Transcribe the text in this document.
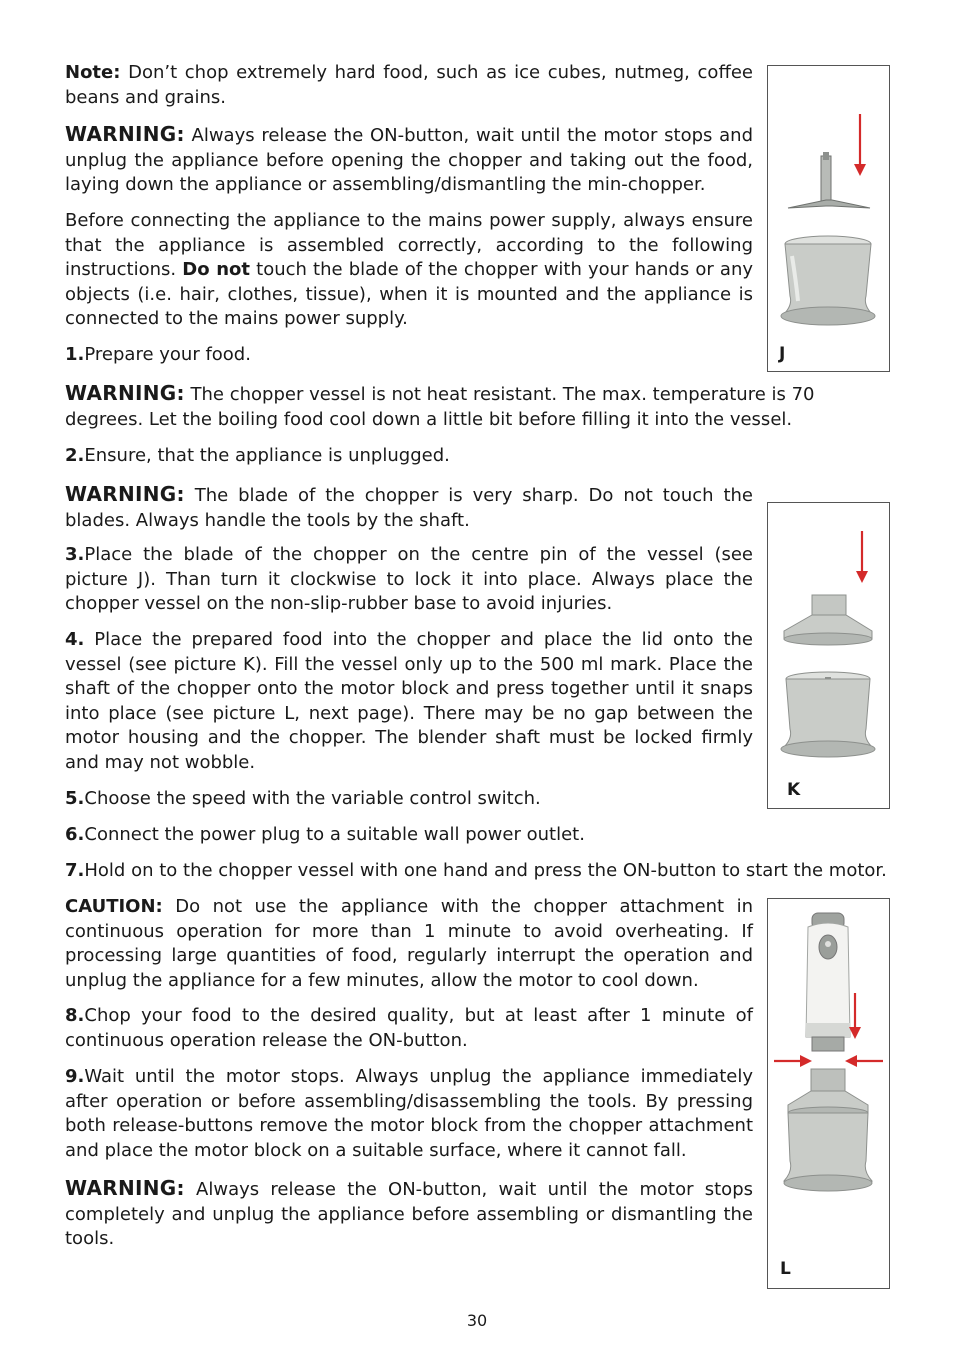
Note: Don’t chop extremely hard food, such as ice cubes, nutmeg, coffee beans and grains.

WARNING: Always release the ON-button, wait until the motor stops and unplug the appliance before opening the chopper and taking out the food, laying down the appliance or assembling/dismantling the min-chopper.

Before connecting the appliance to the mains power supply, always ensure that the appliance is assembled correctly, according to the following instructions. Do not touch the blade of the chopper with your hands or any objects (i.e. hair, clothes, tissue), when it is mounted and the appliance is connected to the mains power supply.

1.Prepare your food.

WARNING: The chopper vessel is not heat resistant. The max. temperature is 70 degrees. Let the boiling food cool down a little bit before filling it into the vessel.

2.Ensure, that the appliance is unplugged.

WARNING: The blade of the chopper is very sharp. Do not touch the blades. Always handle the tools by the shaft.

3.Place the blade of the chopper on the centre pin of the vessel (see picture J). Than turn it clockwise to lock it into place. Always place the chopper vessel on the non-slip-rubber base to avoid injuries.

4. Place the prepared food into the chopper and place the lid onto the vessel (see picture K). Fill the vessel only up to the 500 ml mark. Place the shaft of the chopper onto the motor block and press together until it snaps into place (see picture L, next page). There may be no gap between the motor housing and the chopper. The blender shaft must be locked firmly and may not wobble.

5.Choose the speed with the variable control switch.

6.Connect the power plug to a suitable wall power outlet.

7.Hold on to the chopper vessel with one hand and press the ON-button to start the motor.

CAUTION: Do not use the appliance with the chopper attachment in continuous operation for more than 1 minute to avoid overheating. If processing large quantities of food, regularly interrupt the operation and unplug the appliance for a few minutes, allow the motor to cool down.

8.Chop your food to the desired quality, but at least after 1 minute of continuous operation release the ON-button.

9.Wait until the motor stops. Always unplug the appliance immediately after operation or before assembling/disassembling the tools. By pressing both release-buttons remove the motor block from the chopper attachment and place the motor block on a suitable surface, where it cannot fall.

WARNING: Always release the ON-button, wait until the motor stops completely and unplug the appliance before assembling or dismantling the tools.

J
K
L
30
